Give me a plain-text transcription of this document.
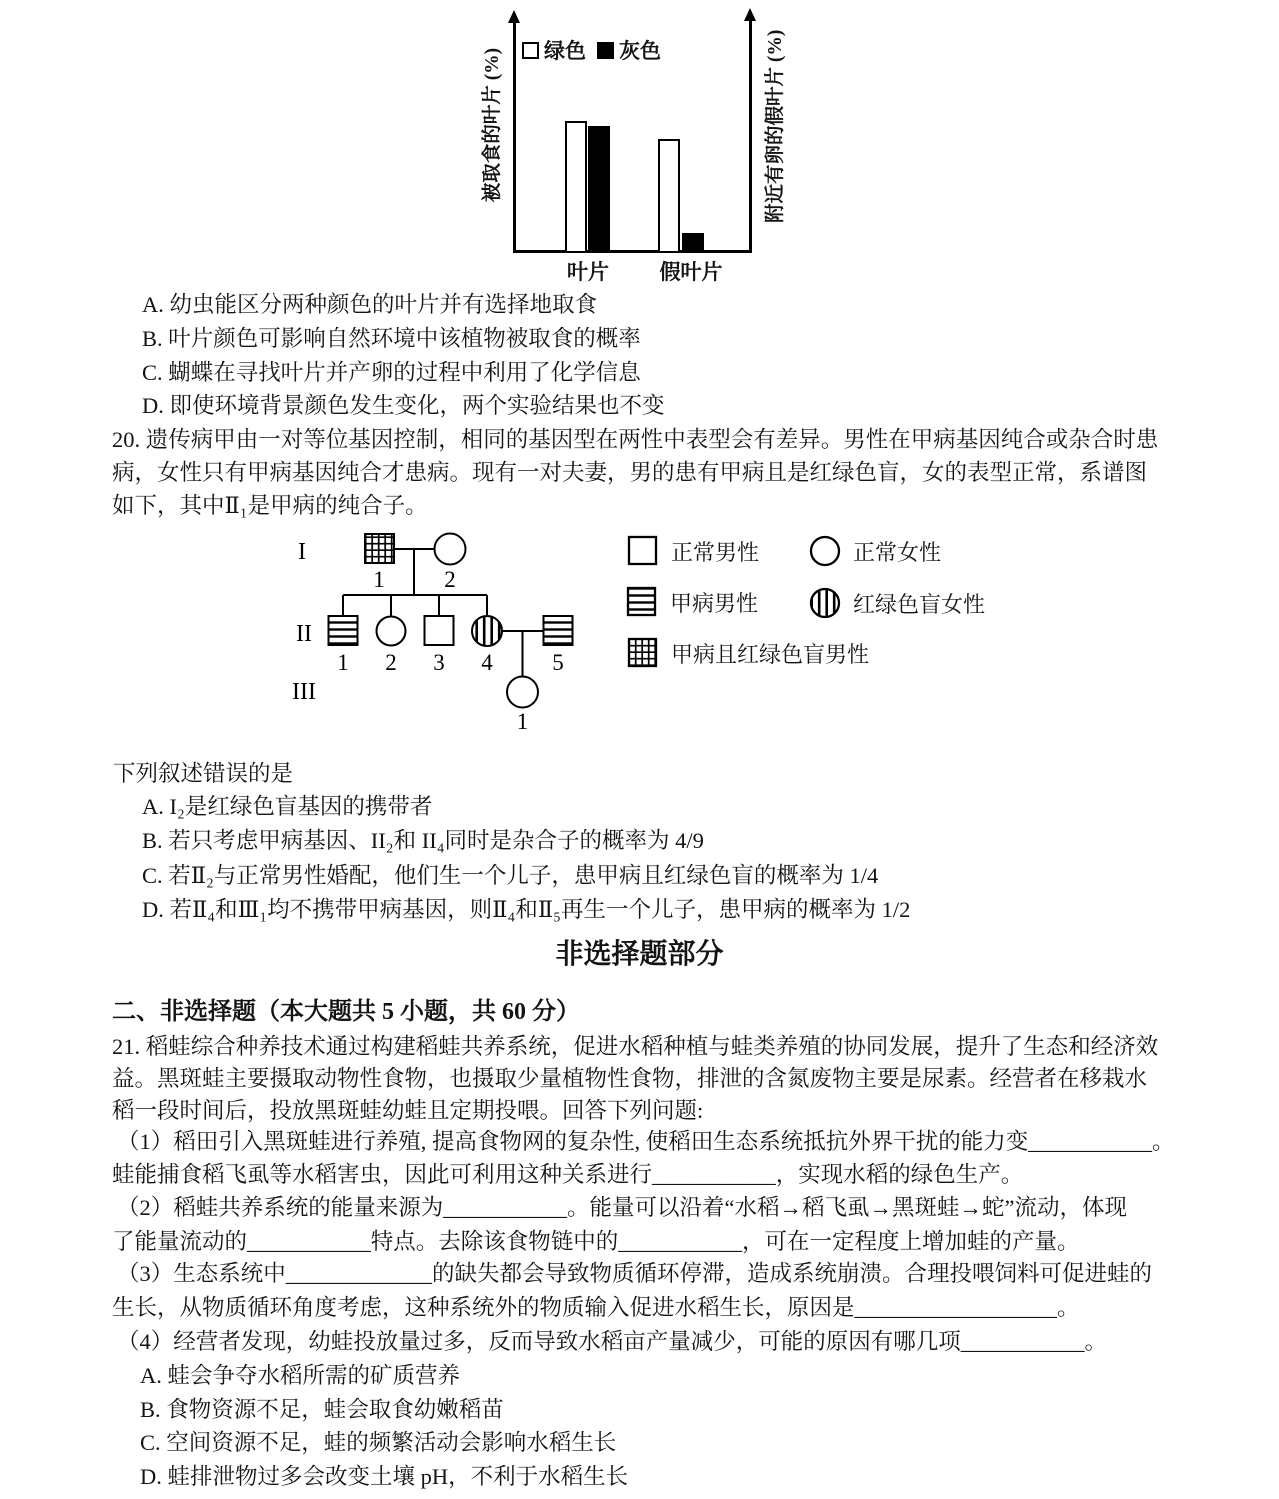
绿色 灰色
被取食的叶片 (%)	附近有卵的假叶片 (%)
叶片 假叶片
A. 幼虫能区分两种颜色的叶片并有选择地取食
B. 叶片颜色可影响自然环境中该植物被取食的概率
C. 蝴蝶在寻找叶片并产卵的过程中利用了化学信息
D. 即使环境背景颜色发生变化，两个实验结果也不变
20. 遗传病甲由一对等位基因控制，相同的基因型在两性中表型会有差异。男性在甲病基因纯合或杂合时患
病，女性只有甲病基因纯合才患病。现有一对夫妻，男的患有甲病且是红绿色盲，女的表型正常，系谱图
如下，其中Ⅱ₁是甲病的纯合子。
I
II
III
1	2
1 2 3 4	5
1
正常男性	正常女性
甲病男性	红绿色盲女性
甲病且红绿色盲男性
下列叙述错误的是
A. I₂是红绿色盲基因的携带者
B. 若只考虑甲病基因、II₂和 II₄同时是杂合子的概率为 4/9
C. 若Ⅱ₂与正常男性婚配，他们生一个儿子，患甲病且红绿色盲的概率为 1/4
D. 若Ⅱ₄和Ⅲ₁均不携带甲病基因，则Ⅱ₄和Ⅱ₅再生一个儿子，患甲病的概率为 1/2
非选择题部分
二、非选择题（本大题共 5 小题，共 60 分）
21. 稻蛙综合种养技术通过构建稻蛙共养系统，促进水稻种植与蛙类养殖的协同发展，提升了生态和经济效
益。黑斑蛙主要摄取动物性食物，也摄取少量植物性食物，排泄的含氮废物主要是尿素。经营者在移栽水
稻一段时间后，投放黑斑蛙幼蛙且定期投喂。回答下列问题:
（1）稻田引入黑斑蛙进行养殖, 提高食物网的复杂性, 使稻田生态系统抵抗外界干扰的能力变___________。
蛙能捕食稻飞虱等水稻害虫，因此可利用这种关系进行___________，实现水稻的绿色生产。
（2）稻蛙共养系统的能量来源为___________。能量可以沿着“水稻→稻飞虱→黑斑蛙→蛇”流动，体现
了能量流动的___________特点。去除该食物链中的___________，可在一定程度上增加蛙的产量。
（3）生态系统中_____________的缺失都会导致物质循环停滞，造成系统崩溃。合理投喂饲料可促进蛙的
生长，从物质循环角度考虑，这种系统外的物质输入促进水稻生长，原因是__________________。
（4）经营者发现，幼蛙投放量过多，反而导致水稻亩产量减少，可能的原因有哪几项___________。
A. 蛙会争夺水稻所需的矿质营养
B. 食物资源不足，蛙会取食幼嫩稻苗
C. 空间资源不足，蛙的频繁活动会影响水稻生长
D. 蛙排泄物过多会改变土壤 pH，不利于水稻生长
